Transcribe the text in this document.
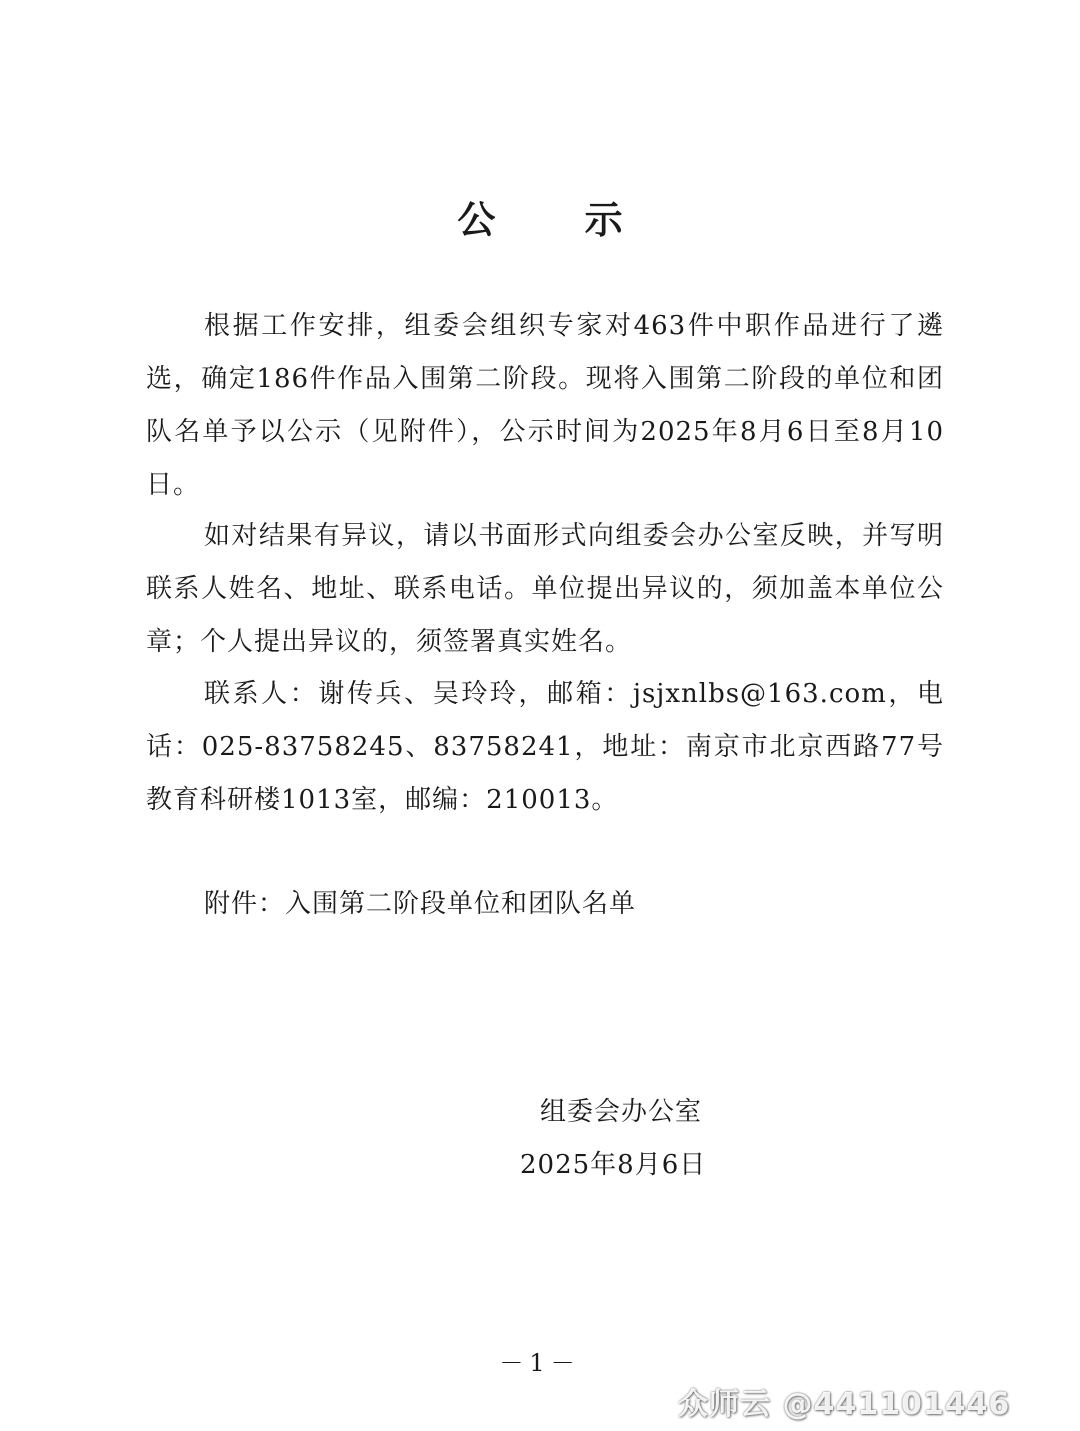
公 示

根据工作安排，组委会组织专家对463件中职作品进行了遴选，确定186件作品入围第二阶段。现将入围第二阶段的单位和团队名单予以公示（见附件），公示时间为2025年8月6日至8月10日。

如对结果有异议，请以书面形式向组委会办公室反映，并写明联系人姓名、地址、联系电话。单位提出异议的，须加盖本单位公章；个人提出异议的，须签署真实姓名。

联系人：谢传兵、吴玲玲，邮箱：jsjxnlbs@163.com，电话：025-83758245、83758241，地址：南京市北京西路77号教育科研楼1013室，邮编：210013。

附件：入围第二阶段单位和团队名单
组委会办公室
2025年8月6日
－1－
众师云 @441101446
